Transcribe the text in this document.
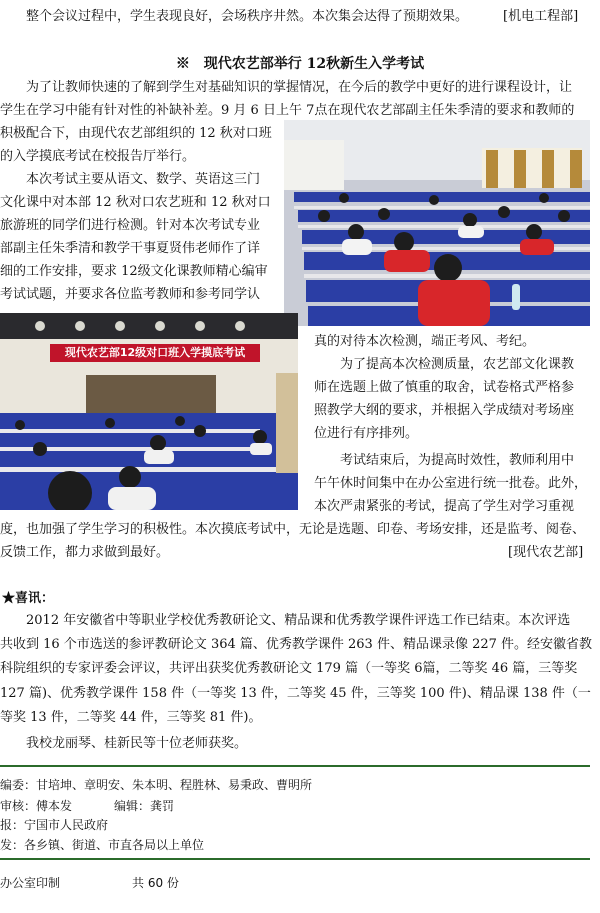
整个会议过程中，学生表现良好，会场秩序井然。本次集会达得了预期效果。	[机电工程部]
※　现代农艺部举行 12秋新生入学考试
为了让教师快速的了解到学生对基础知识的掌握情况，在今后的教学中更好的进行课程设计，让
学生在学习中能有针对性的补缺补差。9 月 6 日上午 7点在现代农艺部副主任朱季清的要求和教师的
积极配合下，由现代农艺部组织的 12 秋对口班
的入学摸底考试在校报告厅举行。
本次考试主要从语文、数学、英语这三门
文化课中对本部 12 秋对口农艺班和 12 秋对口
旅游班的同学们进行检测。针对本次考试专业
部副主任朱季清和教学干事夏贤伟老师作了详
细的工作安排，要求 12级文化课教师精心编审
考试试题，并要求各位监考教师和参考同学认
真的对待本次检测，端正考风、考纪。
为了提高本次检测质量，农艺部文化课教
师在选题上做了慎重的取舍，试卷格式严格参
照教学大纲的要求，并根据入学成绩对考场座
位进行有序排列。
考试结束后，为提高时效性，教师利用中
午午休时间集中在办公室进行统一批卷。此外，
本次严肃紧张的考试，提高了学生对学习重视
度，也加强了学生学习的积极性。本次摸底考试中，无论是选题、印卷、考场安排，还是监考、阅卷、
反馈工作，都力求做到最好。	[现代农艺部]
现代农艺部12级对口班入学摸底考试
★喜讯：
2012 年安徽省中等职业学校优秀教研论文、精品课和优秀教学课件评选工作已结束。本次评选
共收到 16 个市选送的参评教研论文 364 篇、优秀教学课件 263 件、精品课录像 227 件。经安徽省教
科院组织的专家评委会评议，共评出获奖优秀教研论文 179 篇（一等奖 6篇，二等奖 46 篇，三等奖
127 篇)、优秀教学课件 158 件（一等奖 13 件，二等奖 45 件，三等奖 100 件)、精品课 138 件（一
等奖 13 件，二等奖 44 件，三等奖 81 件)。
我校龙丽琴、桂新民等十位老师获奖。
编委：甘培坤、章明安、朱本明、程胜林、易秉政、曹明所
审核：傅本发	编辑：龚罚
报：宁国市人民政府
发：各乡镇、街道、市直各局以上单位
办公室印制	共 60 份
